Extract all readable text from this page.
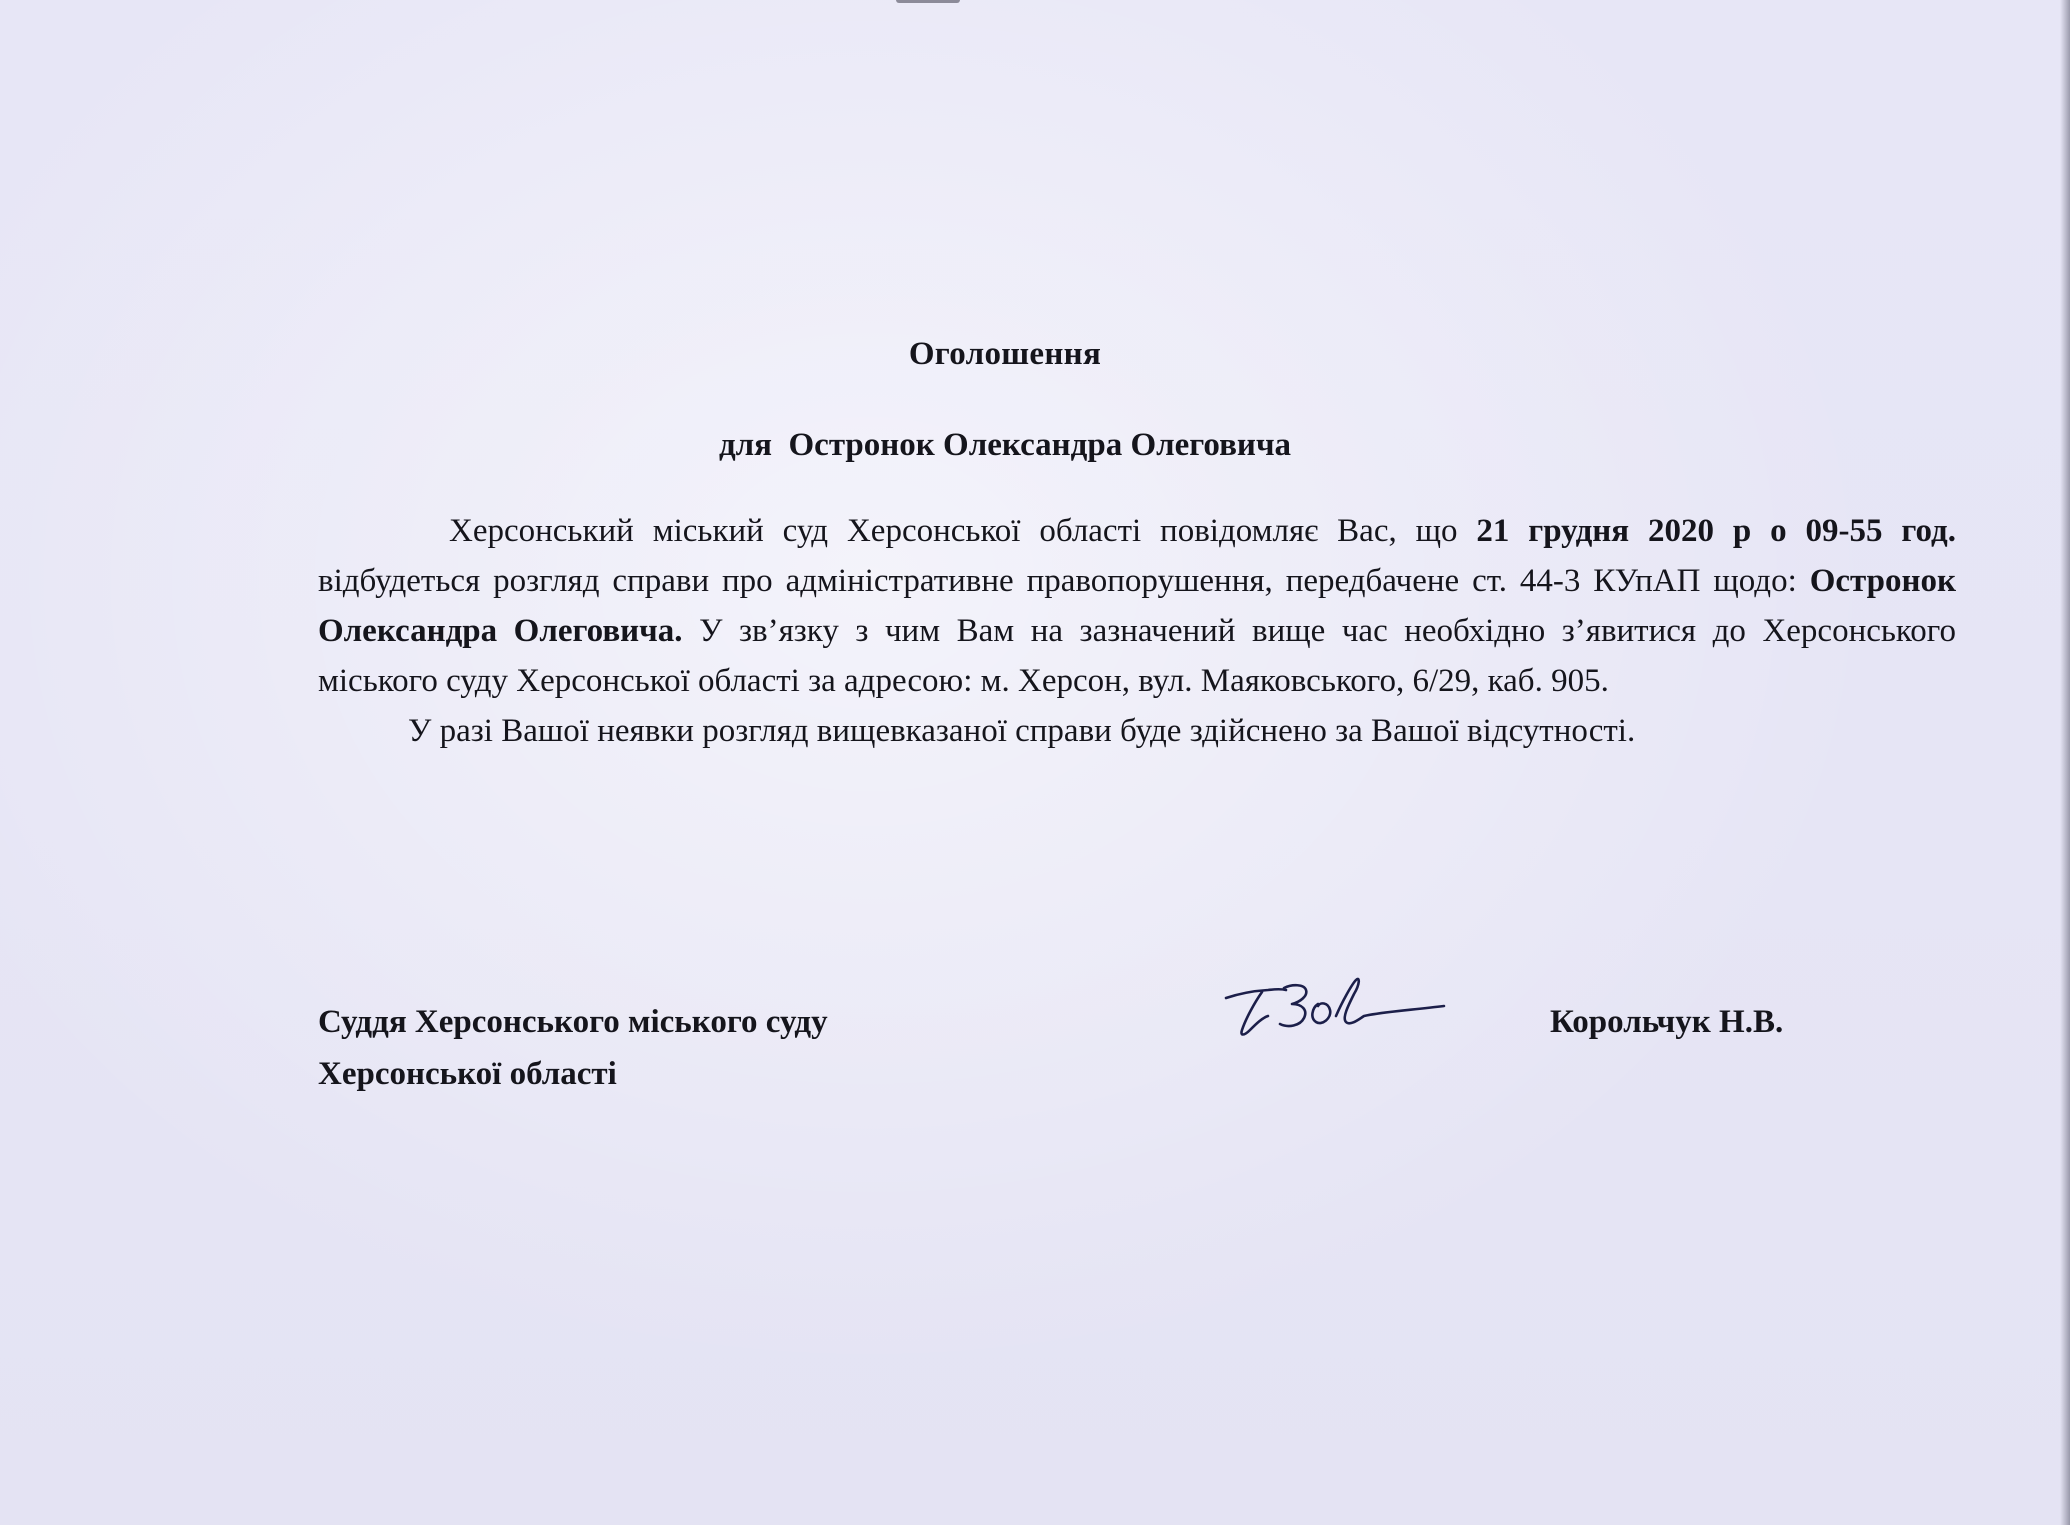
Оголошення
для  Остронок Олександра Олеговича

Херсонський міський суд Херсонської області повідомляє Вас, що 21 грудня 2020 р о 09-55 год. відбудеться розгляд справи про адміністративне правопорушення, передбачене ст. 44-3 КУпАП щодо: Остронок Олександра Олеговича. У зв’язку з чим Вам на зазначений вище час необхідно з’явитися до Херсонського міського суду Херсонської області за адресою: м. Херсон, вул. Маяковського, 6/29, каб. 905.

У разі Вашої неявки розгляд вищевказаної справи буде здійснено за Вашої відсутності.

Суддя Херсонського міського суду
Херсонської області
Корольчук Н.В.
